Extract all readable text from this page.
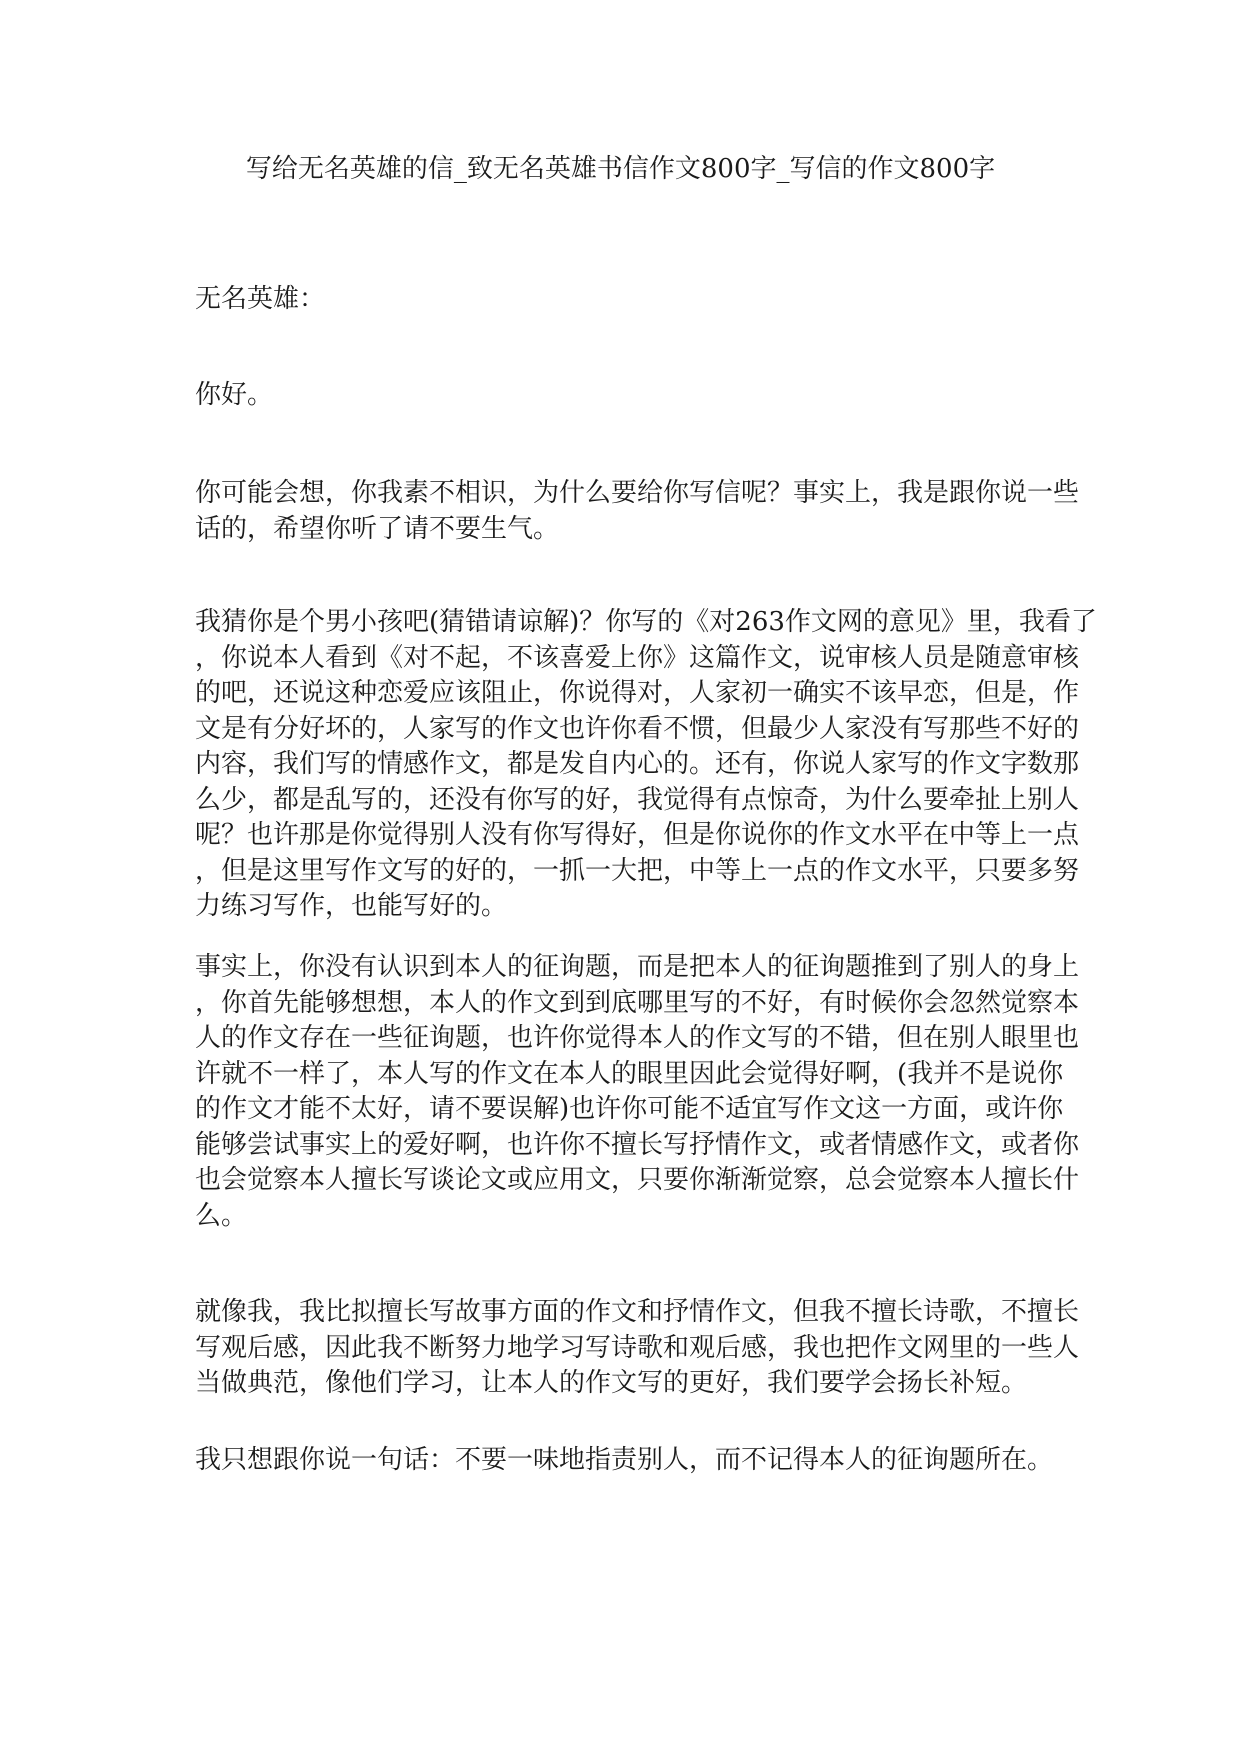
写给无名英雄的信_致无名英雄书信作文800字_写信的作文800字

无名英雄：

你好。

你可能会想，你我素不相识，为什么要给你写信呢？事实上，我是跟你说一些
话的，希望你听了请不要生气。

我猜你是个男小孩吧(猜错请谅解)？你写的《对263作文网的意见》里，我看了
，你说本人看到《对不起，不该喜爱上你》这篇作文，说审核人员是随意审核
的吧，还说这种恋爱应该阻止，你说得对，人家初一确实不该早恋，但是，作
文是有分好坏的，人家写的作文也许你看不惯，但最少人家没有写那些不好的
内容，我们写的情感作文，都是发自内心的。还有，你说人家写的作文字数那
么少，都是乱写的，还没有你写的好，我觉得有点惊奇，为什么要牵扯上别人
呢？也许那是你觉得别人没有你写得好，但是你说你的作文水平在中等上一点
，但是这里写作文写的好的，一抓一大把，中等上一点的作文水平，只要多努
力练习写作，也能写好的。

事实上，你没有认识到本人的征询题，而是把本人的征询题推到了别人的身上
，你首先能够想想，本人的作文到到底哪里写的不好，有时候你会忽然觉察本
人的作文存在一些征询题，也许你觉得本人的作文写的不错，但在别人眼里也
许就不一样了，本人写的作文在本人的眼里因此会觉得好啊，(我并不是说你
的作文才能不太好，请不要误解)也许你可能不适宜写作文这一方面，或许你
能够尝试事实上的爱好啊，也许你不擅长写抒情作文，或者情感作文，或者你
也会觉察本人擅长写谈论文或应用文，只要你渐渐觉察，总会觉察本人擅长什
么。

就像我，我比拟擅长写故事方面的作文和抒情作文，但我不擅长诗歌，不擅长
写观后感，因此我不断努力地学习写诗歌和观后感，我也把作文网里的一些人
当做典范，像他们学习，让本人的作文写的更好，我们要学会扬长补短。

我只想跟你说一句话：不要一味地指责别人，而不记得本人的征询题所在。
